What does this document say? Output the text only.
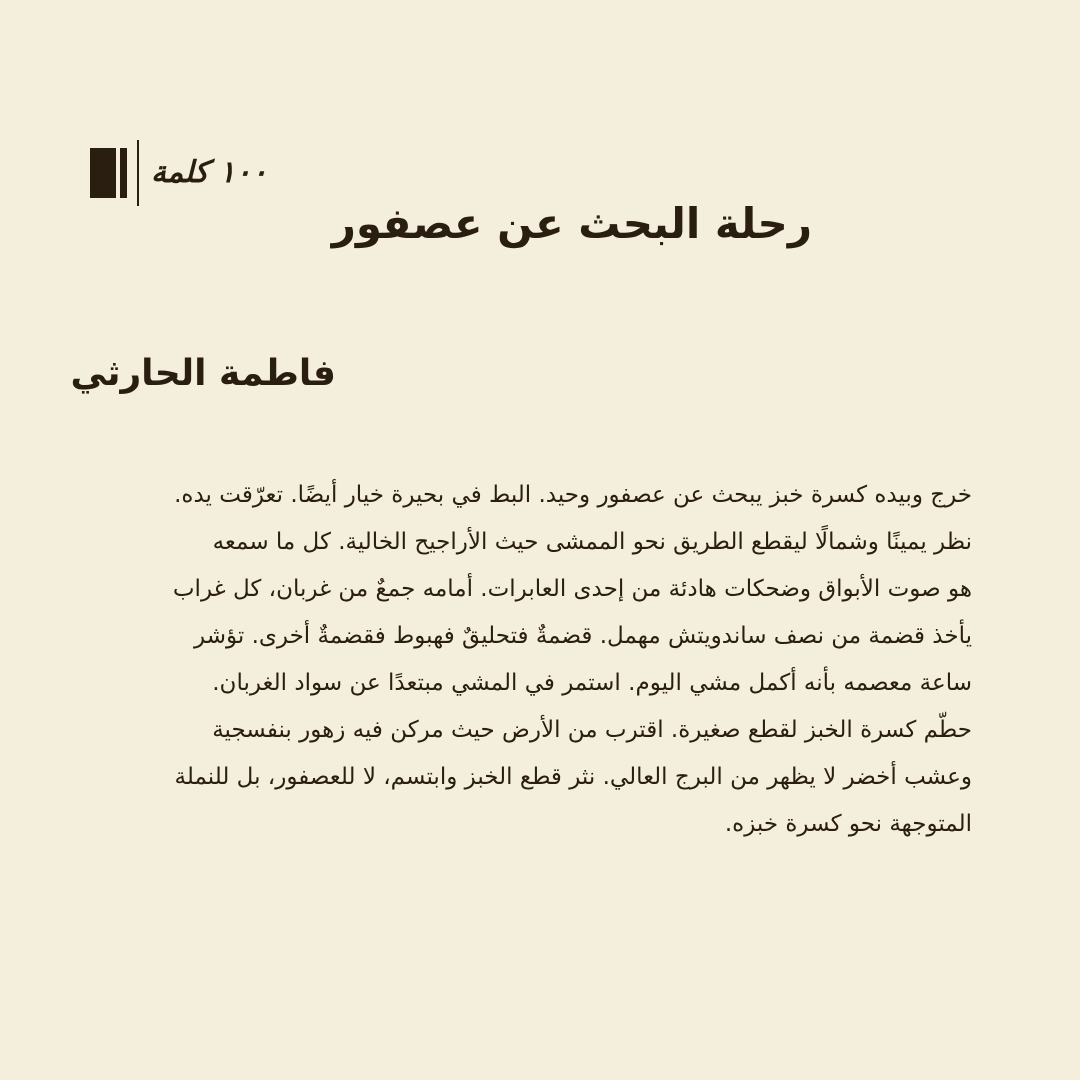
١٠٠ كلمة
رحلة البحث عن عصفور
فاطمة الحارثي

خرج وبيده كسرة خبز يبحث عن عصفور وحيد. البط في بحيرة خيار أيضًا. تعرّقت يده.
نظر يمينًا وشمالًا ليقطع الطريق نحو الممشى حيث الأراجيح الخالية. كل ما سمعه
هو صوت الأبواق وضحكات هادئة من إحدى العابرات. أمامه جمعٌ من غربان، كل غراب
يأخذ قضمة من نصف ساندويتش مهمل. قضمةٌ فتحليقٌ فهبوط فقضمةٌ أخرى. تؤشر
ساعة معصمه بأنه أكمل مشي اليوم. استمر في المشي مبتعدًا عن سواد الغربان.
حطّم كسرة الخبز لقطع صغيرة. اقترب من الأرض حيث مركن فيه زهور بنفسجية
وعشب أخضر لا يظهر من البرج العالي. نثر قطع الخبز وابتسم، لا للعصفور، بل للنملة
المتوجهة نحو كسرة خبزه.
